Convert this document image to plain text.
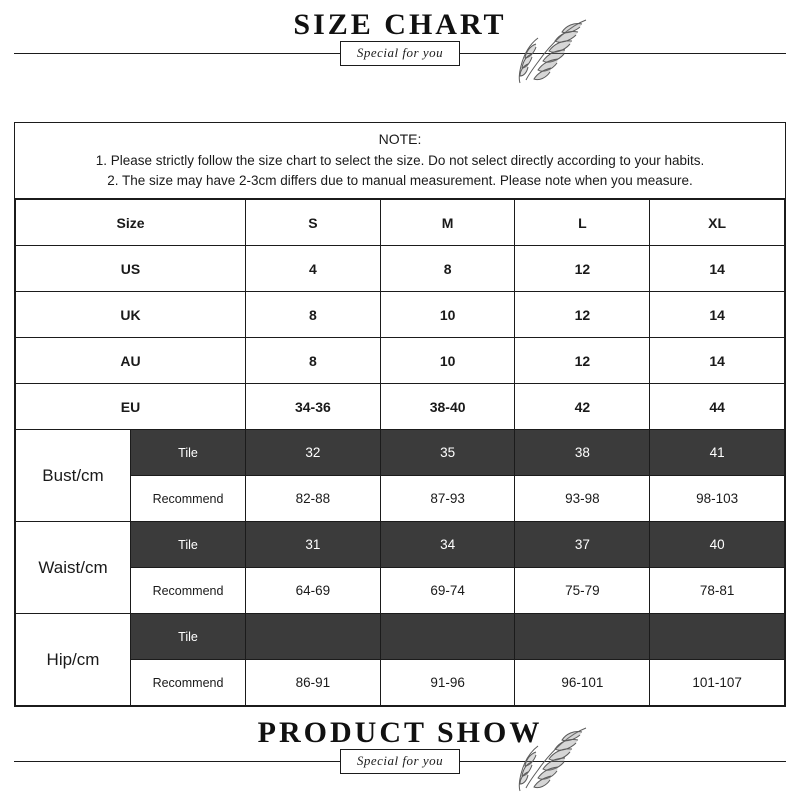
SIZE CHART
Special for you
NOTE:
1. Please strictly follow the size chart to select the size. Do not select directly according to your habits.
2. The size may have 2-3cm differs due to manual measurement. Please note when you measure.
Size		S	M	L	XL
US		4	8	12	14
UK		8	10	12	14
AU		8	10	12	14
EU		34-36	38-40	42	44
Bust/cm	Tile	32	35	38	41
	Recommend	82-88	87-93	93-98	98-103
Waist/cm	Tile	31	34	37	40
	Recommend	64-69	69-74	75-79	78-81
Hip/cm	Tile				
	Recommend	86-91	91-96	96-101	101-107
PRODUCT SHOW
Special for you
